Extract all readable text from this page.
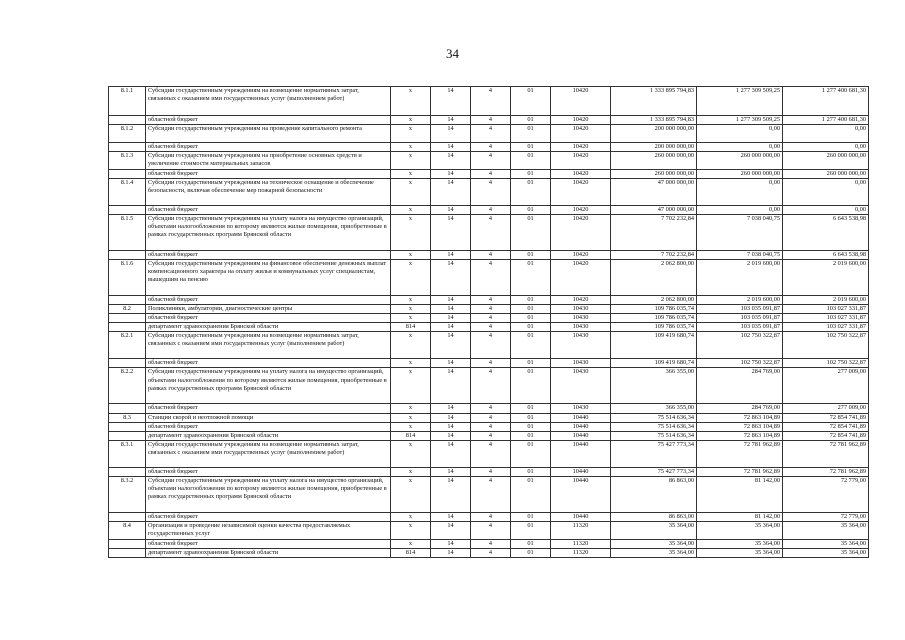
34
8.1.1	Субсидии государственным учреждениям на возмещение нормативных затрат, связанных с оказанием ими государственных услуг (выполнением работ)	х	14	4	01	10420	1 333 895 794,83	1 277 309 509,25	1 277 400 681,30
	областной бюджет	х	14	4	01	10420	1 333 895 794,83	1 277 309 509,25	1 277 400 681,30
8.1.2	Субсидии государственным учреждениям на проведение капитального ремонта	х	14	4	01	10420	200 000 000,00	0,00	0,00
	областной бюджет	х	14	4	01	10420	200 000 000,00	0,00	0,00
8.1.3	Субсидии государственным учреждениям на приобретение основных средств и увеличение стоимости материальных запасов	х	14	4	01	10420	260 000 000,00	260 000 000,00	260 000 000,00
	областной бюджет	х	14	4	01	10420	260 000 000,00	260 000 000,00	260 000 000,00
8.1.4	Субсидии государственным учреждениям на техническое оснащение и обеспечение безопасности, включая обеспечение мер пожарной безопасности	х	14	4	01	10420	47 000 000,00	0,00	0,00
	областной бюджет	х	14	4	01	10420	47 000 000,00	0,00	0,00
8.1.5	Субсидии государственным учреждениям на уплату налога на имущество организаций, объектами налогообложения по которому являются жилые помещения, приобретенные в рамках государственных программ Брянской области	х	14	4	01	10420	7 702 232,84	7 038 040,75	6 643 538,98
	областной бюджет	х	14	4	01	10420	7 702 232,84	7 038 040,75	6 643 538,98
8.1.6	Субсидии государственным учреждениям на финансовое обеспечение денежных выплат компенсационного характера на оплату жилья и коммунальных услуг специалистам, вышедшим на пенсию	х	14	4	01	10420	2 062 800,00	2 019 600,00	2 019 600,00
	областной бюджет	х	14	4	01	10420	2 062 800,00	2 019 600,00	2 019 600,00
8.2	Поликлиники, амбулатории, диагностические центры	х	14	4	01	10430	109 786 035,74	103 035 091,87	103 027 331,87
	областной бюджет	х	14	4	01	10430	109 786 035,74	103 035 091,87	103 027 331,87
	департамент здравоохранения Брянской области	814	14	4	01	10430	109 786 035,74	103 035 091,87	103 027 331,87
8.2.1	Субсидии государственным учреждениям на возмещение нормативных затрат, связанных с оказанием ими государственных услуг (выполнением работ)	х	14	4	01	10430	109 419 680,74	102 750 322,87	102 750 322,87
	областной бюджет	х	14	4	01	10430	109 419 680,74	102 750 322,87	102 750 322,87
8.2.2	Субсидии государственным учреждениям на уплату налога на имущество организаций, объектами налогообложения по которому являются жилые помещения, приобретенные в рамках государственных программ Брянской области	х	14	4	01	10430	366 355,00	284 769,00	277 009,00
	областной бюджет	х	14	4	01	10430	366 355,00	284 769,00	277 009,00
8.3	Станции скорой и неотложной помощи	х	14	4	01	10440	75 514 636,34	72 863 104,89	72 854 741,89
	областной бюджет	х	14	4	01	10440	75 514 636,34	72 863 104,89	72 854 741,89
	департамент здравоохранения Брянской области	814	14	4	01	10440	75 514 636,34	72 863 104,89	72 854 741,89
8.3.1	Субсидии государственным учреждениям на возмещение нормативных затрат, связанных с оказанием ими государственных услуг (выполнением работ)	х	14	4	01	10440	75 427 773,34	72 781 962,89	72 781 962,89
	областной бюджет	х	14	4	01	10440	75 427 773,34	72 781 962,89	72 781 962,89
8.3.2	Субсидии государственным учреждениям на уплату налога на имущество организаций, объектами налогообложения по которому являются жилые помещения, приобретенные в рамках государственных программ Брянской области	х	14	4	01	10440	86 863,00	81 142,00	72 779,00
	областной бюджет	х	14	4	01	10440	86 863,00	81 142,00	72 779,00
8.4	Организация и проведение независимой оценки качества предоставляемых государственных услуг	х	14	4	01	11320	35 364,00	35 364,00	35 364,00
	областной бюджет	х	14	4	01	11320	35 364,00	35 364,00	35 364,00
	департамент здравоохранения Брянской области	814	14	4	01	11320	35 364,00	35 364,00	35 364,00
